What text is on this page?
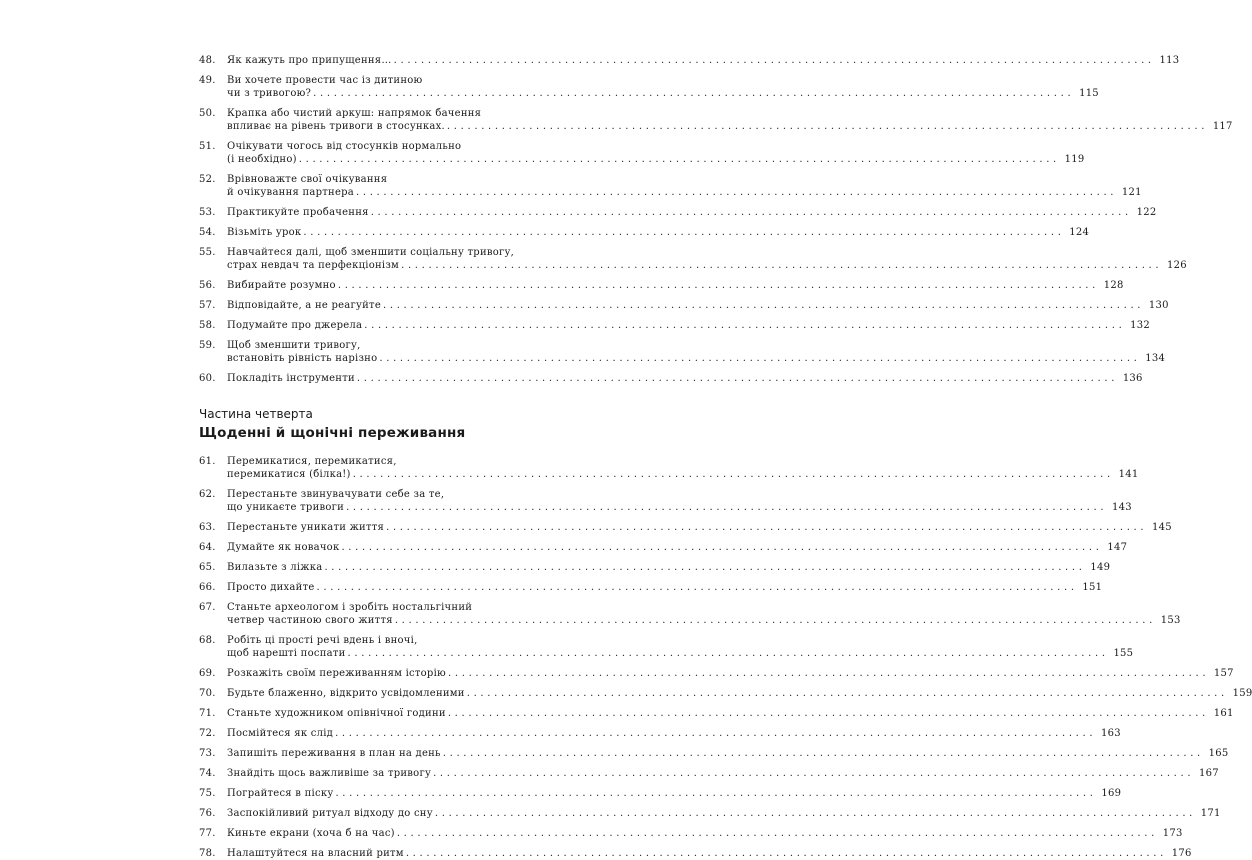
48.	Як кажуть про припущення… . . .	113
49.	Ви хочете провести час із дитиною
чи з тривогою? . . .	115
50.	Крапка або чистий аркуш: напрямок бачення
впливає на рівень тривоги в стосунках. . . .	117
51.	Очікувати чогось від стосунків нормально
(і необхідно) . . .	119
52.	Врівноважте свої очікування
й очікування партнера . . .	121
53.	Практикуйте пробачення . . .	122
54.	Візьміть урок . . .	124
55.	Навчайтеся далі, щоб зменшити соціальну тривогу,
страх невдач та перфекціонізм . . .	126
56.	Вибирайте розумно . . .	128
57.	Відповідайте, а не реагуйте . . .	130
58.	Подумайте про джерела . . .	132
59.	Щоб зменшити тривогу,
встановіть рівність нарізно . . .	134
60.	Покладіть інструменти . . .	136
Частина четверта
Щоденні й щонічні переживання
61.	Перемикатися, перемикатися,
перемикатися (білка!) . . .	141
62.	Перестаньте звинувачувати себе за те,
що уникаєте тривоги . . .	143
63.	Перестаньте уникати життя . . .	145
64.	Думайте як новачок . . .	147
65.	Вилазьте з ліжка . . .	149
66.	Просто дихайте . . .	151
67.	Станьте археологом і зробіть ностальгічний
четвер частиною свого життя . . .	153
68.	Робіть ці прості речі вдень і вночі,
щоб нарешті поспати . . .	155
69.	Розкажіть своїм переживанням історію . . .	157
70.	Будьте блаженно, відкрито усвідомленими . . .	159
71.	Станьте художником опівнічної години . . .	161
72.	Посмійтеся як слід . . .	163
73.	Запишіть переживання в план на день . . .	165
74.	Знайдіть щось важливіше за тривогу . . .	167
75.	Пограйтеся в піску . . .	169
76.	Заспокійливий ритуал відходу до сну . . .	171
77.	Киньте екрани (хоча б на час) . . .	173
78.	Налаштуйтеся на власний ритм . . .	176
